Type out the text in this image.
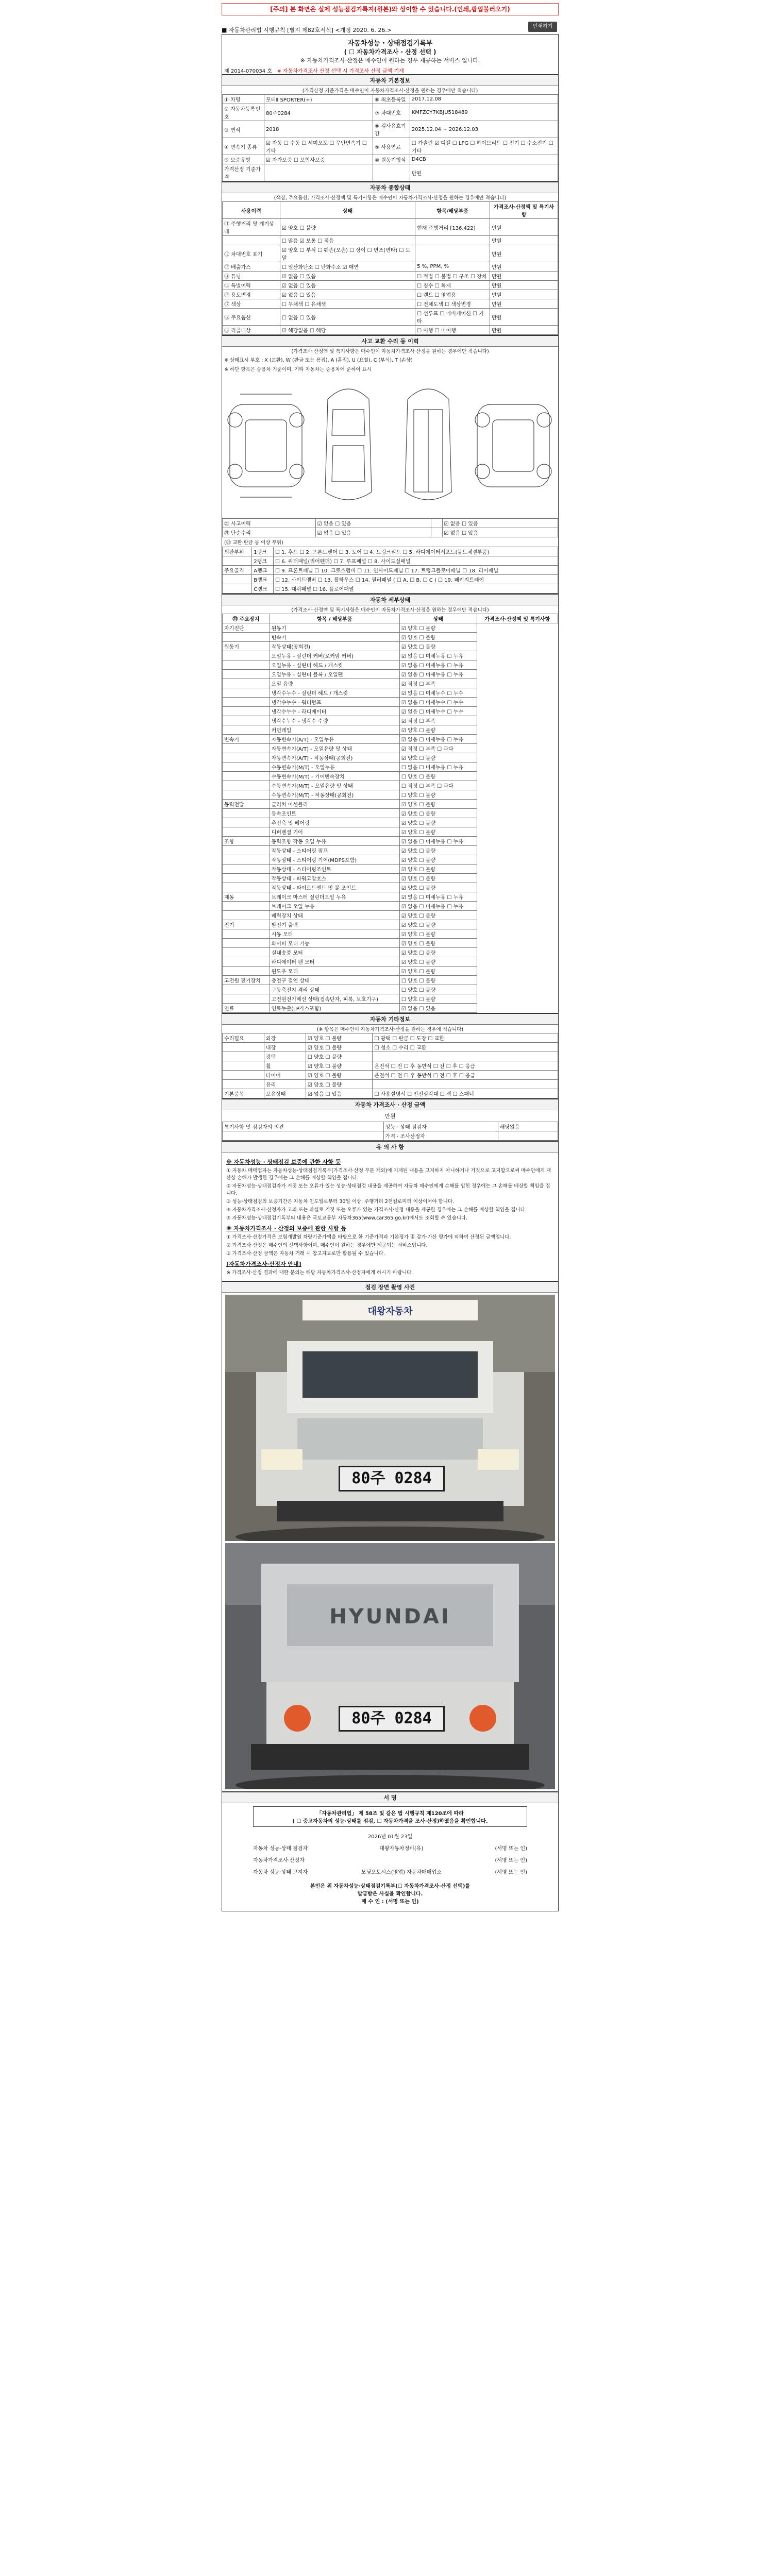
[주의] 본 화면은 실제 성능점검기록지(원본)와 상이할 수 있습니다.(인쇄,팝업불러오기)
■ 자동차관리법 시행규칙 [별지 제82호서식] <개정 2020. 6. 26.>
인쇄하기
자동차성능 · 상태점검기록부
( ☐ 자동차가격조사 · 산정 선택 )
※ 자동차가격조사·산정은 매수인이 원하는 경우 제공하는 서비스 입니다.
제 2014-070034 호 ※ 자동차가격조사 산정 선택 시 가격조사 산정 금액 기재
자동차 기본정보
(가격산정 기준가격은 매수인이 자동차가격조사·산정을 원하는 경우에만 적습니다)
① 차명	포터Ⅱ SPORTER(+)	⑥ 최초등록일	2017.12.08
② 자동차등록번호	80주0284	⑦ 차대번호	KMFZCY7KBJU518489
③ 연식	2018	⑧ 검사유효기간	2025.12.04 ~ 2026.12.03
④ 변속기 종류	☑ 자동 ☐ 수동 ☐ 세미오토 ☐ 무단변속기 ☐ 기타	⑨ 사용연료	☐ 가솔린 ☑ 디젤 ☐ LPG ☐ 하이브리드 ☐ 전기 ☐ 수소전기 ☐ 기타
⑤ 보증유형	☑ 자가보증 ☐ 보험사보증	⑩ 원동기형식	D4CB
가격산정 기준가격			만원
자동차 종합상태
(색상, 주요옵션, 가격조사·산정액 및 특기사항은 매수인이 자동차가격조사·산정을 원하는 경우에만 적습니다)
사용이력	상태	항목/해당부품	가격조사·산정액 및 특기사항
⑪ 주행거리 및 계기상태	☑ 양호 ☐ 불량	현재 주행거리 [136,422]	만원
	☐ 많음 ☑ 보통 ☐ 적음		만원
⑫ 차대번호 표기	☑ 양호 ☐ 부식 ☐ 훼손(오손) ☐ 상이 ☐ 변조(변타) ☐ 도말		만원
⑬ 배출가스	☐ 일산화탄소 ☐ 탄화수소 ☑ 매연	5 %, PPM, %	만원
⑭ 튜닝	☑ 없음 ☐ 있음	☐ 적법 ☐ 불법 ☐ 구조 ☐ 장치	만원
⑮ 특별이력	☑ 없음 ☐ 있음	☐ 침수 ☐ 화재	만원
⑯ 용도변경	☑ 없음 ☐ 있음	☐ 렌트 ☐ 영업용	만원
⑰ 색상	☐ 무채색 ☐ 유채색	☐ 전체도색 ☐ 색상변경	만원
⑱ 주요옵션	☐ 없음 ☐ 있음	☐ 선루프 ☐ 네비게이션 ☐ 기타	만원
⑲ 리콜대상	☑ 해당없음 ☐ 해당	☐ 이행 ☐ 미이행	만원
사고 교환 수리 등 이력
(가격조사·산정액 및 특기사항은 매수인이 자동차가격조사·산정을 원하는 경우에만 적습니다)
※ 상태표시 부호 : X (교환), W (판금 또는 용접), A (흠집), U (요철), C (부식), T (손상)
※ 하단 항목은 승용차 기준이며, 기타 자동차는 승용차에 준하여 표시
⑳ 사고이력	☑ 없음 ☐ 있음		☑ 없음 ☐ 있음
㉑ 단순수리	☑ 없음 ☐ 있음		☑ 없음 ☐ 있음
(㉒ 교환·판금 등 이상 부위)
외판부위	1랭크	☐ 1. 후드 ☐ 2. 프론트펜더 ☐ 3. 도어 ☐ 4. 트렁크리드 ☐ 5. 라디에이터서포트(볼트체결부품)
	2랭크	☐ 6. 쿼터패널(리어펜더) ☐ 7. 루프패널 ☐ 8. 사이드실패널
주요골격	A랭크	☐ 9. 프론트패널 ☐ 10. 크로스멤버 ☐ 11. 인사이드패널 ☐ 17. 트렁크플로어패널 ☐ 18. 리어패널
	B랭크	☐ 12. 사이드멤버 ☐ 13. 휠하우스 ☐ 14. 필러패널 ( ☐ A, ☐ B, ☐ C ) ☐ 19. 패키지트레이
	C랭크	☐ 15. 대쉬패널 ☐ 16. 플로어패널
자동차 세부상태
(가격조사·산정액 및 특기사항은 매수인이 자동차가격조사·산정을 원하는 경우에만 적습니다)
㉓ 주요장치	항목 / 해당부품	상태	가격조사·산정액 및 특기사항
자기진단	원동기	☑ 양호 ☐ 불량	
	변속기	☑ 양호 ☐ 불량	
원동기	작동상태(공회전)	☑ 양호 ☐ 불량	
	오일누유 - 실린더 커버(로커암 커버)	☑ 없음 ☐ 미세누유 ☐ 누유	
	오일누유 - 실린더 헤드 / 개스킷	☑ 없음 ☐ 미세누유 ☐ 누유	
	오일누유 - 실린더 블록 / 오일팬	☑ 없음 ☐ 미세누유 ☐ 누유	
	오일 유량	☑ 적정 ☐ 부족	
	냉각수누수 - 실린더 헤드 / 개스킷	☑ 없음 ☐ 미세누수 ☐ 누수	
	냉각수누수 - 워터펌프	☑ 없음 ☐ 미세누수 ☐ 누수	
	냉각수누수 - 라디에이터	☑ 없음 ☐ 미세누수 ☐ 누수	
	냉각수누수 - 냉각수 수량	☑ 적정 ☐ 부족	
	커먼레일	☑ 양호 ☐ 불량	
변속기	자동변속기(A/T) - 오일누유	☑ 없음 ☐ 미세누유 ☐ 누유	
	자동변속기(A/T) - 오일유량 및 상태	☑ 적정 ☐ 부족 ☐ 과다	
	자동변속기(A/T) - 작동상태(공회전)	☑ 양호 ☐ 불량	
	수동변속기(M/T) - 오일누유	☐ 없음 ☐ 미세누유 ☐ 누유	
	수동변속기(M/T) - 기어변속장치	☐ 양호 ☐ 불량	
	수동변속기(M/T) - 오일유량 및 상태	☐ 적정 ☐ 부족 ☐ 과다	
	수동변속기(M/T) - 작동상태(공회전)	☐ 양호 ☐ 불량	
동력전달	클러치 어셈블리	☑ 양호 ☐ 불량	
	등속조인트	☑ 양호 ☐ 불량	
	추진축 및 베어링	☑ 양호 ☐ 불량	
	디퍼렌셜 기어	☑ 양호 ☐ 불량	
조향	동력조향 작동 오일 누유	☑ 없음 ☐ 미세누유 ☐ 누유	
	작동상태 - 스티어링 펌프	☑ 양호 ☐ 불량	
	작동상태 - 스티어링 기어(MDPS포함)	☑ 양호 ☐ 불량	
	작동상태 - 스티어링조인트	☑ 양호 ☐ 불량	
	작동상태 - 파워고압호스	☑ 양호 ☐ 불량	
	작동상태 - 타이로드엔드 및 볼 조인트	☑ 양호 ☐ 불량	
제동	브레이크 마스터 실린더오일 누유	☑ 없음 ☐ 미세누유 ☐ 누유	
	브레이크 오일 누유	☑ 없음 ☐ 미세누유 ☐ 누유	
	배력장치 상태	☑ 양호 ☐ 불량	
전기	발전기 출력	☑ 양호 ☐ 불량	
	시동 모터	☑ 양호 ☐ 불량	
	와이퍼 모터 기능	☑ 양호 ☐ 불량	
	실내송풍 모터	☑ 양호 ☐ 불량	
	라디에이터 팬 모터	☑ 양호 ☐ 불량	
	윈도우 모터	☑ 양호 ☐ 불량	
고전원 전기장치	충전구 절연 상태	☐ 양호 ☐ 불량	
	구동축전지 격리 상태	☐ 양호 ☐ 불량	
	고전원전기배선 상태(접속단자, 피복, 보호기구)	☐ 양호 ☐ 불량	
연료	연료누출(LP가스포함)	☑ 없음 ☐ 있음	
자동차 기타정보
(※ 항목은 매수인이 자동차가격조사·산정을 원하는 경우에 적습니다)
수리필요	외장	☑ 양호 ☐ 불량	☐ 광택 ☐ 판금 ☐ 도장 ☐ 교환
	내장	☑ 양호 ☐ 불량	☐ 청소 ☐ 수리 ☐ 교환
	광택	☐ 양호 ☐ 불량	
	휠	☑ 양호 ☐ 불량	운전석 ☐ 전 ☐ 후 동반석 ☐ 전 ☐ 후 ☐ 응급
	타이어	☑ 양호 ☐ 불량	운전석 ☐ 전 ☐ 후 동반석 ☐ 전 ☐ 후 ☐ 응급
	유리	☑ 양호 ☐ 불량	
기본품목	보유상태	☑ 없음 ☐ 있음	☐ 사용설명서 ☐ 안전삼각대 ☐ 잭 ☐ 스패너
자동차 가격조사 · 산정 금액
만원
특기사항 및 점검자의 의견	성능 · 상태 점검자	해당없음
	가격 · 조사산정자	
유 의 사 항
※ 자동차성능 · 상태점검 보증에 관한 사항 등

① 자동차 매매업자는 자동차성능·상태점검기록부(가격조사·산정 부분 제외)에 기재된 내용을 고지하지 아니하거나 거짓으로 고지함으로써 매수인에게 재산상 손해가 발생한 경우에는 그 손해를 배상할 책임을 집니다.

② 자동차성능·상태점검자가 거짓 또는 오류가 있는 성능·상태점검 내용을 제공하여 자동차 매수인에게 손해를 입힌 경우에는 그 손해를 배상할 책임을 집니다.

③ 성능·상태점검의 보증기간은 자동차 인도일로부터 30일 이상, 주행거리 2천킬로미터 이상이어야 합니다.

④ 자동차가격조사·산정자가 고의 또는 과실로 거짓 또는 오류가 있는 가격조사·산정 내용을 제공한 경우에는 그 손해를 배상할 책임을 집니다.

⑤ 자동차성능·상태점검기록부의 내용은 국토교통부 자동차365(www.car365.go.kr)에서도 조회할 수 있습니다.

※ 자동차가격조사 · 산정의 보증에 관한 사항 등

① 가격조사·산정가격은 보험개발원 차량기준가액을 바탕으로 한 기준가격과 기본평가 및 감가·가산 평가에 의하여 산정된 금액입니다.

② 가격조사·산정은 매수인의 선택사항이며, 매수인이 원하는 경우에만 제공되는 서비스입니다.

③ 가격조사·산정 금액은 자동차 거래 시 참고자료로만 활용될 수 있습니다.

[자동차가격조사·산정자 안내]

※ 가격조사·산정 결과에 대한 문의는 해당 자동차가격조사·산정자에게 하시기 바랍니다.

점검 장면 촬영 사진
대왕자동차
80주 0284
HYUNDAI
80주 0284
서 명
「자동차관리법」 제 58조 및 같은 법 시행규칙 제120조에 따라
( ☐ 중고자동차의 성능·상태를 점검, ☐ 자동차가격을 조사·산정)하였음을 확인합니다.
2026년 01월 23일
자동차 성능·상태 점검자	대왕자동차정비(유)	(서명 또는 인)
자동차가격조사·산정자	(서명 또는 인)
자동차 성능·상태 고지자	모닝오토시스(영업) 자동차매매업소	(서명 또는 인)
본인은 위 자동차성능·상태점검기록부(☐ 자동차가격조사·산정 선택)를
발급받은 사실을 확인합니다.
매 수 인 : (서명 또는 인)
